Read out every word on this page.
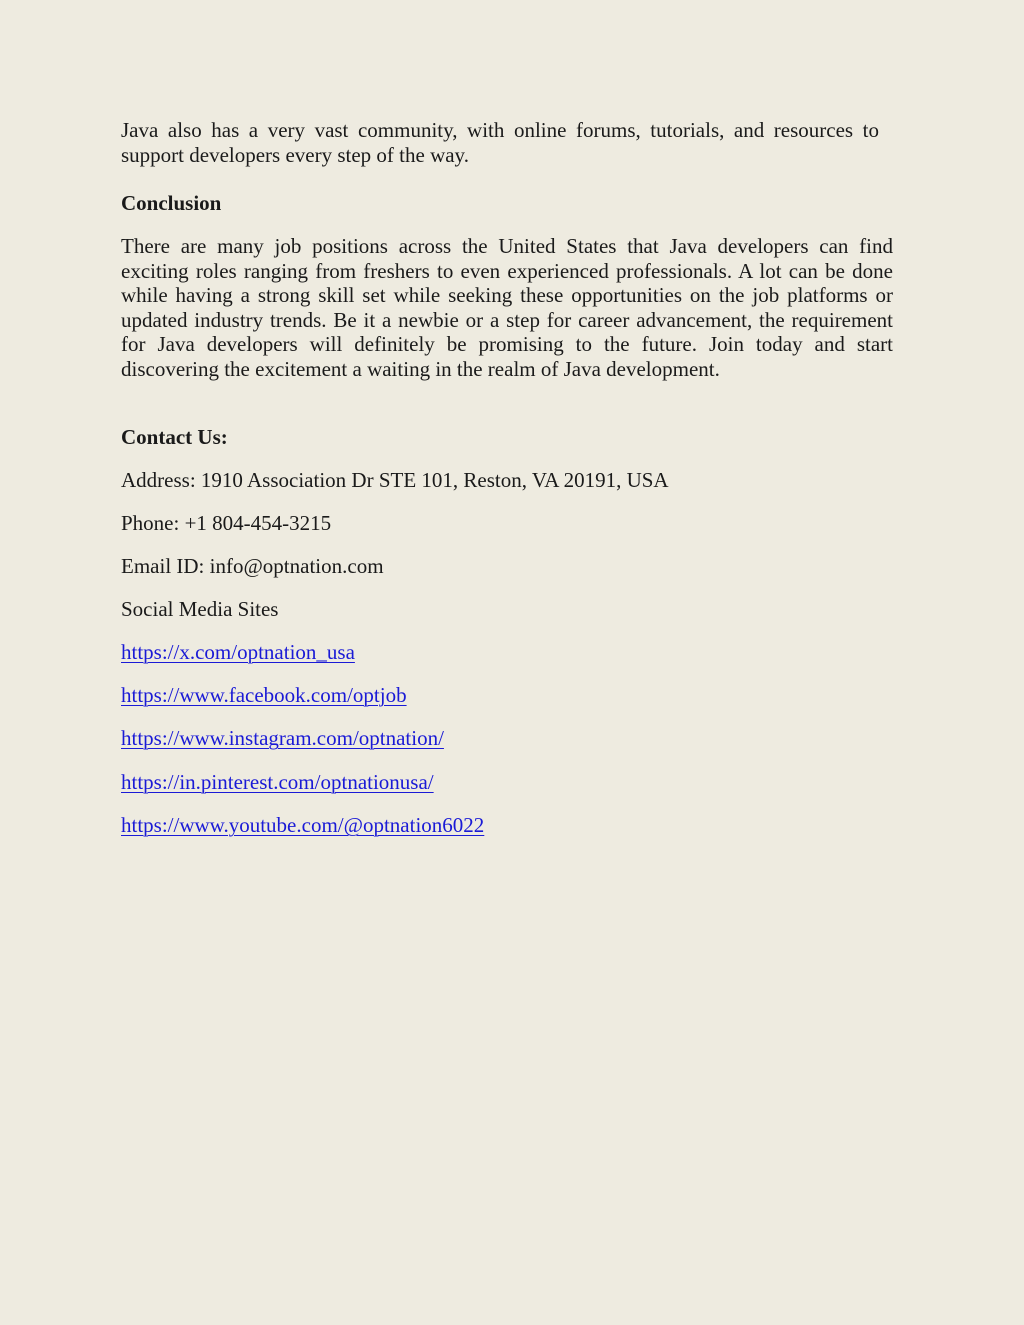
Java also has a very vast community, with online forums, tutorials, and resources to support developers every step of the way.

Conclusion

There are many job positions across the United States that Java developers can find exciting roles ranging from freshers to even experienced professionals. A lot can be done while having a strong skill set while seeking these opportunities on the job platforms or updated industry trends. Be it a newbie or a step for career advancement, the requirement for Java developers will definitely be promising to the future. Join today and start discovering the excitement a waiting in the realm of Java development.

Contact Us:

Address: 1910 Association Dr STE 101, Reston, VA 20191, USA

Phone: +1 804-454-3215

Email ID: info@optnation.com

Social Media Sites

https://x.com/optnation_usa

https://www.facebook.com/optjob

https://www.instagram.com/optnation/

https://in.pinterest.com/optnationusa/

https://www.youtube.com/@optnation6022
